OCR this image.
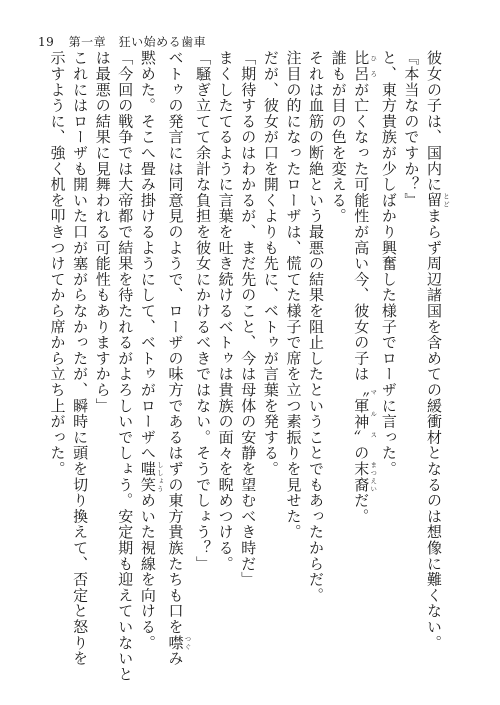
19 第一章　狂い始める歯車

彼女の子は、国内に留 とどまらず周辺諸国を含めての緩衝材となるのは想像に難くない。

『本当なのですか？』

と、東方貴族が少しばかり興奮した様子でローザに言った。

比呂 ひろが亡くなった可能性が高い今、彼女の子は〝軍神〟 マルスの末裔 まつえいだ。

誰もが目の色を変える。

それは血筋の断絶という最悪の結果を阻止したということでもあったからだ。

注目の的になったローザは、慌てた様子で席を立つ素振りを見せた。

だが、彼女が口を開くよりも先に、ベトゥが言葉を発する。

「期待するのはわかるが、まだ先のこと、今は母体の安静を望むべき時だ」

まくしたてるように言葉を吐き続けるベトゥは貴族の面々を睨めつける。

「騒ぎ立てて余計な負担を彼女にかけるべきではない。そうでしょう？」

ベトゥの発言には同意見のようで、ローザの味方であるはずの東方貴族たちも口を噤 つぐみ

黙めた。そこへ畳み掛けるようにして、ベトゥがローザへ嗤笑 ししょうめいた視線を向ける。

「今回の戦争では大帝都で結果を待たれるがよろしいでしょう。安定期も迎えていないと

は最悪の結果に見舞われる可能性もありますから」

これにはローザも開いた口が塞がらなかったが、瞬時に頭を切り換えて、否定と怒りを

示すように、強く机を叩きつけてから席から立ち上がった。
